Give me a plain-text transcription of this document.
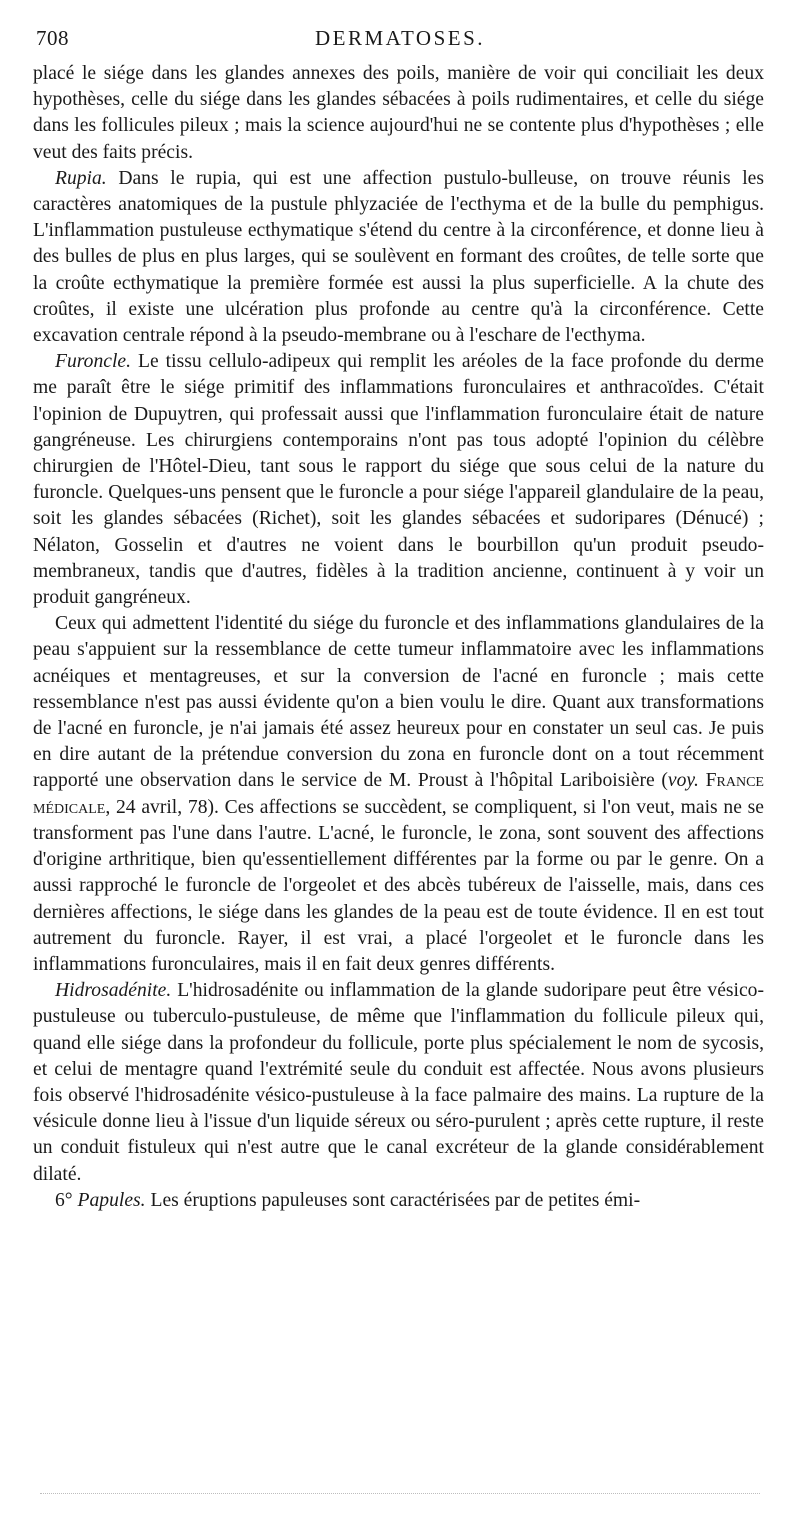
708	DERMATOSES.

placé le siége dans les glandes annexes des poils, manière de voir qui conciliait les deux hypothèses, celle du siége dans les glandes sébacées à poils rudimentaires, et celle du siége dans les follicules pileux ; mais la science aujourd'hui ne se contente plus d'hypothèses ; elle veut des faits précis.

Rupia. Dans le rupia, qui est une affection pustulo-bulleuse, on trouve réunis les caractères anatomiques de la pustule phlyzaciée de l'ecthyma et de la bulle du pemphigus. L'inflammation pustuleuse ecthymatique s'étend du centre à la circonférence, et donne lieu à des bulles de plus en plus larges, qui se soulèvent en formant des croûtes, de telle sorte que la croûte ecthymatique la première formée est aussi la plus superficielle. A la chute des croûtes, il existe une ulcération plus profonde au centre qu'à la circonférence. Cette excavation centrale répond à la pseudo-membrane ou à l'eschare de l'ecthyma.

Furoncle. Le tissu cellulo-adipeux qui remplit les aréoles de la face profonde du derme me paraît être le siége primitif des inflammations furonculaires et anthracoïdes. C'était l'opinion de Dupuytren, qui professait aussi que l'inflammation furonculaire était de nature gangréneuse. Les chirurgiens contemporains n'ont pas tous adopté l'opinion du célèbre chirurgien de l'Hôtel-Dieu, tant sous le rapport du siége que sous celui de la nature du furoncle. Quelques-uns pensent que le furoncle a pour siége l'appareil glandulaire de la peau, soit les glandes sébacées (Richet), soit les glandes sébacées et sudoripares (Dénucé) ; Nélaton, Gosselin et d'autres ne voient dans le bourbillon qu'un produit pseudo-membraneux, tandis que d'autres, fidèles à la tradition ancienne, continuent à y voir un produit gangréneux.

Ceux qui admettent l'identité du siége du furoncle et des inflammations glandulaires de la peau s'appuient sur la ressemblance de cette tumeur inflammatoire avec les inflammations acnéiques et mentagreuses, et sur la conversion de l'acné en furoncle ; mais cette ressemblance n'est pas aussi évidente qu'on a bien voulu le dire. Quant aux transformations de l'acné en furoncle, je n'ai jamais été assez heureux pour en constater un seul cas. Je puis en dire autant de la prétendue conversion du zona en furoncle dont on a tout récemment rapporté une observation dans le service de M. Proust à l'hôpital Lariboisière (voy. France médicale, 24 avril, 78). Ces affections se succèdent, se compliquent, si l'on veut, mais ne se transforment pas l'une dans l'autre. L'acné, le furoncle, le zona, sont souvent des affections d'origine arthritique, bien qu'essentiellement différentes par la forme ou par le genre. On a aussi rapproché le furoncle de l'orgeolet et des abcès tubéreux de l'aisselle, mais, dans ces dernières affections, le siége dans les glandes de la peau est de toute évidence. Il en est tout autrement du furoncle. Rayer, il est vrai, a placé l'orgeolet et le furoncle dans les inflammations furonculaires, mais il en fait deux genres différents.

Hidrosadénite. L'hidrosadénite ou inflammation de la glande sudoripare peut être vésico-pustuleuse ou tuberculo-pustuleuse, de même que l'inflammation du follicule pileux qui, quand elle siége dans la profondeur du follicule, porte plus spécialement le nom de sycosis, et celui de mentagre quand l'extrémité seule du conduit est affectée. Nous avons plusieurs fois observé l'hidrosadénite vésico-pustuleuse à la face palmaire des mains. La rupture de la vésicule donne lieu à l'issue d'un liquide séreux ou séro-purulent ; après cette rupture, il reste un conduit fistuleux qui n'est autre que le canal excréteur de la glande considérablement dilaté.

6° Papules. Les éruptions papuleuses sont caractérisées par de petites émi-
